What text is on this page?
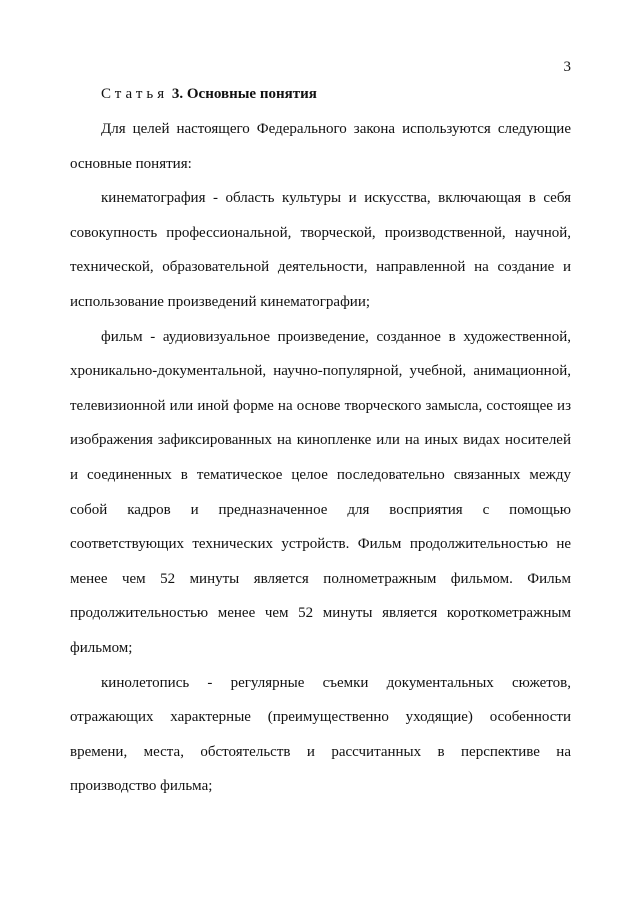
3
Статья 3. Основные понятия

Для целей настоящего Федерального закона используются следующие основные понятия:

кинематография - область культуры и искусства, включающая в себя совокупность профессиональной, творческой, производственной, научной, технической, образовательной деятельности, направленной на создание и использование произведений кинематографии;

фильм - аудиовизуальное произведение, созданное в художественной, хроникально-документальной, научно-популярной, учебной, анимационной, телевизионной или иной форме на основе творческого замысла, состоящее из изображения зафиксированных на кинопленке или на иных видах носителей и соединенных в тематическое целое последовательно связанных между собой кадров и предназначенное для восприятия с помощью соответствующих технических устройств. Фильм продолжительностью не менее чем 52 минуты является полнометражным фильмом. Фильм продолжительностью менее чем 52 минуты является короткометражным фильмом;

кинолетопись - регулярные съемки документальных сюжетов, отражающих характерные (преимущественно уходящие) особенности времени, места, обстоятельств и рассчитанных в перспективе на производство фильма;
